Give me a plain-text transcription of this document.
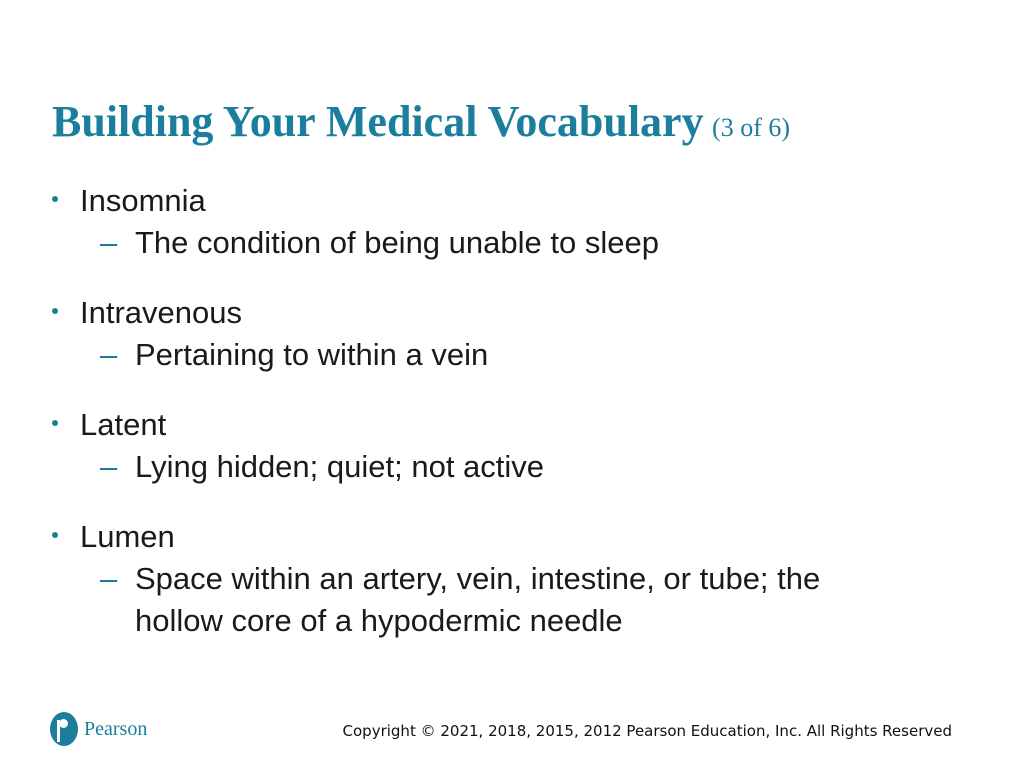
Building Your Medical Vocabulary (3 of 6)
Insomnia
– The condition of being unable to sleep
Intravenous
– Pertaining to within a vein
Latent
– Lying hidden; quiet; not active
Lumen
– Space within an artery, vein, intestine, or tube; the hollow core of a hypodermic needle
Pearson	Copyright © 2021, 2018, 2015, 2012 Pearson Education, Inc. All Rights Reserved
